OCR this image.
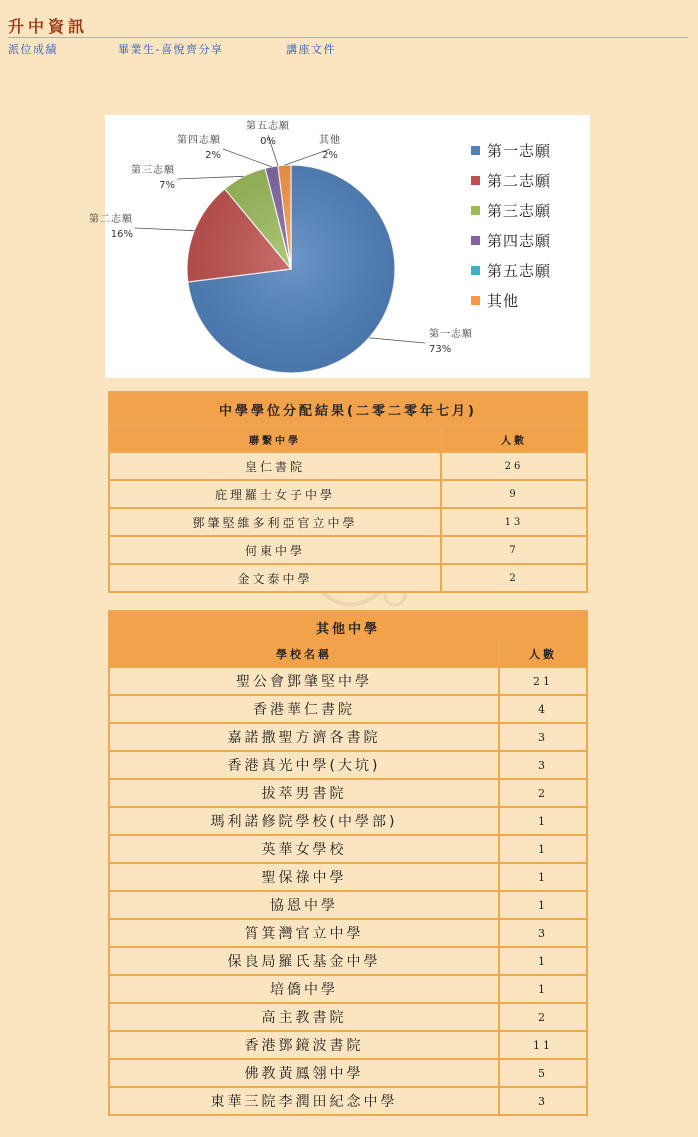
升中資訊
派位成績	畢業生-喜悅齊分享	講座文件
第一志願
73%
第二志願
16%
第三志願
7%
第四志願
2%
第五志願
0%	其他
2%	第一志願
第二志願
第三志願
第四志願
第五志願
其他
中學學位分配結果(二零二零年七月)	
聯繫中學	人數
皇仁書院	26
庇理羅士女子中學	9
鄧肇堅維多利亞官立中學	13
何東中學	7
金文泰中學	2
其他中學	
學校名稱	人數
聖公會鄧肇堅中學	21
香港華仁書院	4
嘉諾撒聖方濟各書院	3
香港真光中學(大坑)	3
拔萃男書院	2
瑪利諾修院學校(中學部)	1
英華女學校	1
聖保祿中學	1
協恩中學	1
筲箕灣官立中學	3
保良局羅氏基金中學	1
培僑中學	1
高主教書院	2
香港鄧鏡波書院	11
佛教黃鳳翎中學	5
東華三院李潤田紀念中學	3
